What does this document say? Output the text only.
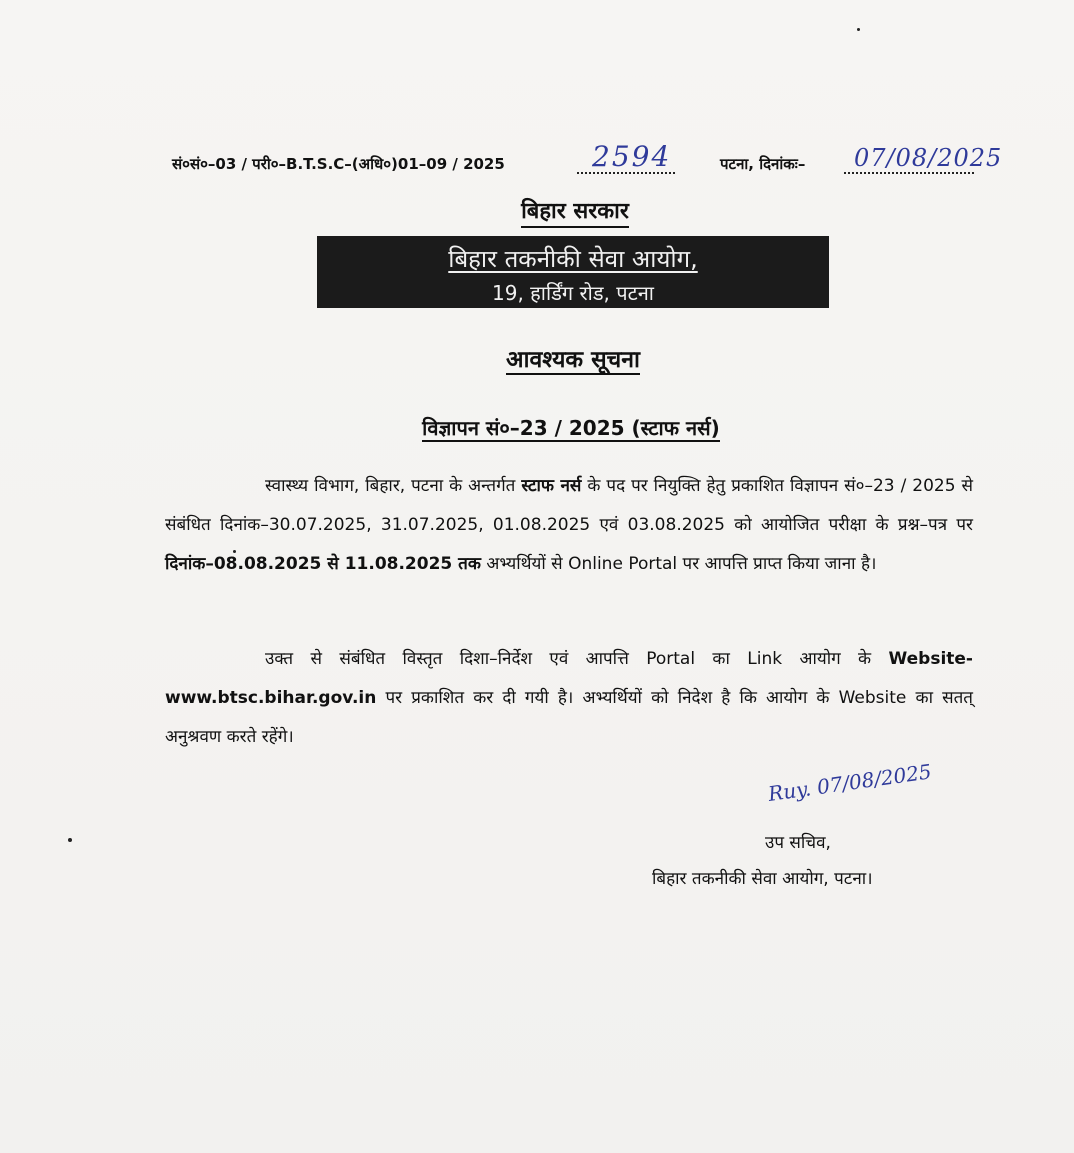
सं०सं०–03 / परी०–B.T.S.C–(अधि०)01–09 / 2025	2594	पटना, दिनांकः– 07/08/2025
बिहार सरकार
बिहार तकनीकी सेवा आयोग,
19, हार्डिंग रोड, पटना
आवश्यक सूचना
विज्ञापन सं०–23 / 2025 (स्टाफ नर्स)
स्वास्थ्य विभाग, बिहार, पटना के अन्तर्गत स्टाफ नर्स के पद पर नियुक्ति हेतु प्रकाशित विज्ञापन सं०–23 / 2025 से संबंधित दिनांक–30.07.2025, 31.07.2025, 01.08.2025 एवं 03.08.2025 को आयोजित परीक्षा के प्रश्न–पत्र पर दिनांक–08.08.2025 से 11.08.2025 तक अभ्यर्थियों से Online Portal पर आपत्ति प्राप्त किया जाना है।
उक्त से संबंधित विस्तृत दिशा–निर्देश एवं आपत्ति Portal का Link आयोग के Website- www.btsc.bihar.gov.in पर प्रकाशित कर दी गयी है। अभ्यर्थियों को निदेश है कि आयोग के Website का सतत् अनुश्रवण करते रहेंगे।
Ruy. 07/08/2025
उप सचिव,
बिहार तकनीकी सेवा आयोग, पटना।
